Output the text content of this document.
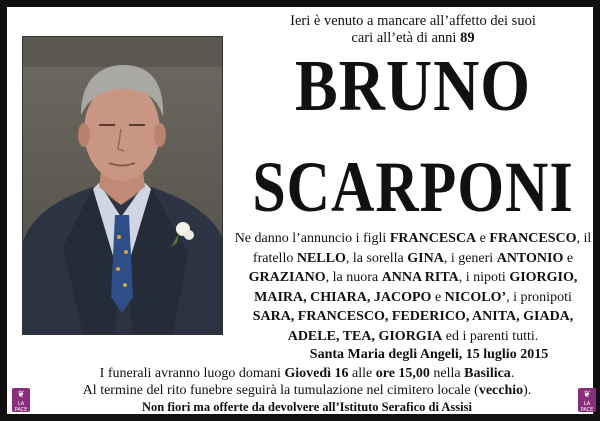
Ieri è venuto a mancare all’affetto dei suoi
cari all’età di anni 89
BRUNO
SCARPONI
Ne danno l’annuncio i figli FRANCESCA e FRANCESCO, il fratello NELLO, la sorella GINA, i generi ANTONIO e GRAZIANO, la nuora ANNA RITA, i nipoti GIORGIO, MAIRA, CHIARA, JACOPO e NICOLO’, i pronipoti SARA, FRANCESCO, FEDERICO, ANITA, GIADA, ADELE, TEA, GIORGIA ed i parenti tutti.
Santa Maria degli Angeli, 15 luglio 2015
I funerali avranno luogo domani Giovedì 16 alle ore 15,00 nella Basilica.
Al termine del rito funebre seguirà la tumulazione nel cimitero locale (vecchio).
Non fiori ma offerte da devolvere all’Istituto Serafico di Assisi
❦
LA PACE
❦
LA PACE
